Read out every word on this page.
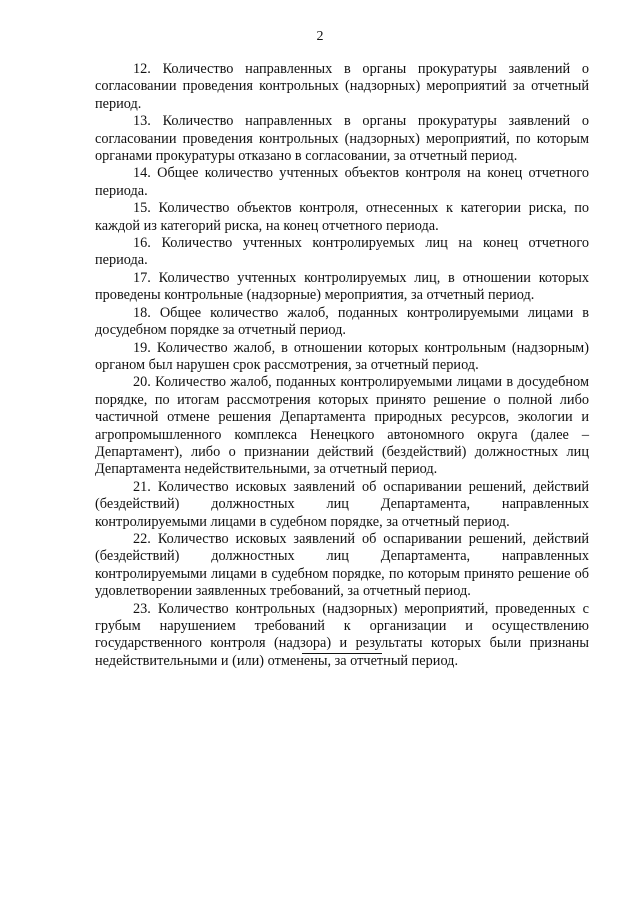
2

12. Количество направленных в органы прокуратуры заявлений о согласовании проведения контрольных (надзорных) мероприятий за отчетный период.

13. Количество направленных в органы прокуратуры заявлений о согласовании проведения контрольных (надзорных) мероприятий, по которым органами прокуратуры отказано в согласовании, за отчетный период.

14. Общее количество учтенных объектов контроля на конец отчетного периода.

15. Количество объектов контроля, отнесенных к категории риска, по каждой из категорий риска, на конец отчетного периода.

16. Количество учтенных контролируемых лиц на конец отчетного периода.

17. Количество учтенных контролируемых лиц, в отношении которых проведены контрольные (надзорные) мероприятия, за отчетный период.

18. Общее количество жалоб, поданных контролируемыми лицами в досудебном порядке за отчетный период.

19. Количество жалоб, в отношении которых контрольным (надзорным) органом был нарушен срок рассмотрения, за отчетный период.

20. Количество жалоб, поданных контролируемыми лицами в досудебном порядке, по итогам рассмотрения которых принято решение о полной либо частичной отмене решения Департамента природных ресурсов, экологии и агропромышленного комплекса Ненецкого автономного округа (далее – Департамент), либо о признании действий (бездействий) должностных лиц Департамента недействительными, за отчетный период.

21. Количество исковых заявлений об оспаривании решений, действий (бездействий) должностных лиц Департамента, направленных контролируемыми лицами в судебном порядке, за отчетный период.

22. Количество исковых заявлений об оспаривании решений, действий (бездействий) должностных лиц Департамента, направленных контролируемыми лицами в судебном порядке, по которым принято решение об удовлетворении заявленных требований, за отчетный период.

23. Количество контрольных (надзорных) мероприятий, проведенных с грубым нарушением требований к организации и осуществлению государственного контроля (надзора) и результаты которых были признаны недействительными и (или) отменены, за отчетный период.
